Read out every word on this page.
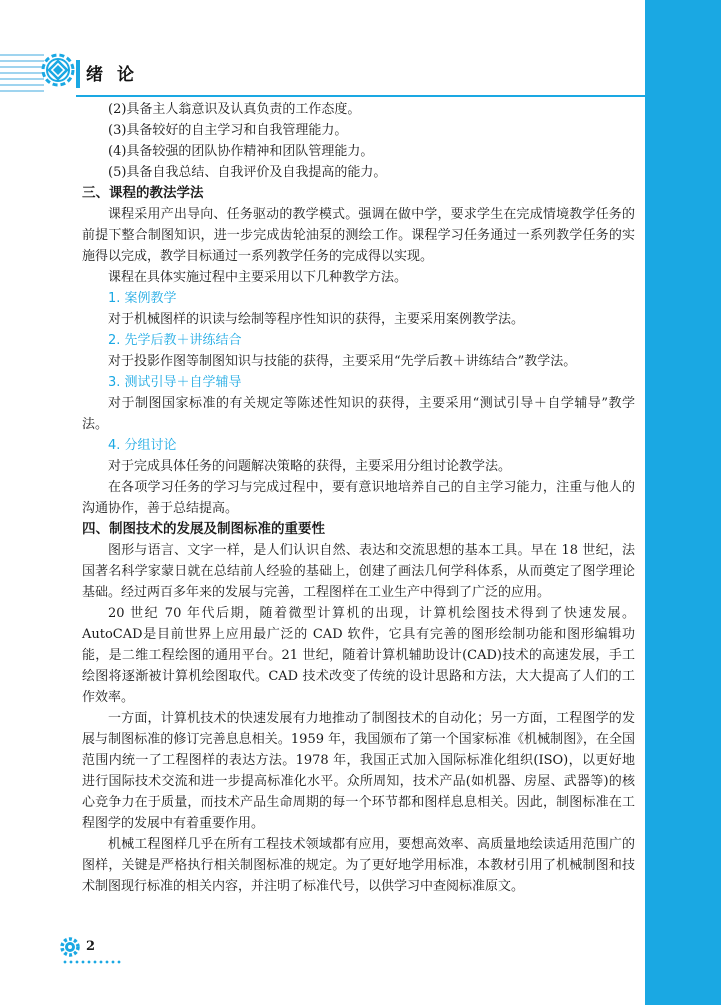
绪论

(2)具备主人翁意识及认真负责的工作态度。

(3)具备较好的自主学习和自我管理能力。

(4)具备较强的团队协作精神和团队管理能力。

(5)具备自我总结、自我评价及自我提高的能力。

三、课程的教法学法

课程采用产出导向、任务驱动的教学模式。强调在做中学，要求学生在完成情境教学任务的前提下整合制图知识，进一步完成齿轮油泵的测绘工作。课程学习任务通过一系列教学任务的实施得以完成，教学目标通过一系列教学任务的完成得以实现。

课程在具体实施过程中主要采用以下几种教学方法。

1. 案例教学

对于机械图样的识读与绘制等程序性知识的获得，主要采用案例教学法。

2. 先学后教＋讲练结合

对于投影作图等制图知识与技能的获得，主要采用“先学后教＋讲练结合”教学法。

3. 测试引导＋自学辅导

对于制图国家标准的有关规定等陈述性知识的获得，主要采用“测试引导＋自学辅导”教学法。

4. 分组讨论

对于完成具体任务的问题解决策略的获得，主要采用分组讨论教学法。

在各项学习任务的学习与完成过程中，要有意识地培养自己的自主学习能力，注重与他人的沟通协作，善于总结提高。

四、制图技术的发展及制图标准的重要性

图形与语言、文字一样，是人们认识自然、表达和交流思想的基本工具。早在 18 世纪，法国著名科学家蒙日就在总结前人经验的基础上，创建了画法几何学科体系，从而奠定了图学理论基础。经过两百多年来的发展与完善，工程图样在工业生产中得到了广泛的应用。

20 世纪 70 年代后期，随着微型计算机的出现，计算机绘图技术得到了快速发展。AutoCAD是目前世界上应用最广泛的 CAD 软件，它具有完善的图形绘制功能和图形编辑功能，是二维工程绘图的通用平台。21 世纪，随着计算机辅助设计(CAD)技术的高速发展，手工绘图将逐渐被计算机绘图取代。CAD 技术改变了传统的设计思路和方法，大大提高了人们的工作效率。

一方面，计算机技术的快速发展有力地推动了制图技术的自动化；另一方面，工程图学的发展与制图标准的修订完善息息相关。1959 年，我国颁布了第一个国家标准《机械制图》，在全国范围内统一了工程图样的表达方法。1978 年，我国正式加入国际标准化组织(ISO)，以更好地进行国际技术交流和进一步提高标准化水平。众所周知，技术产品(如机器、房屋、武器等)的核心竞争力在于质量，而技术产品生命周期的每一个环节都和图样息息相关。因此，制图标准在工程图学的发展中有着重要作用。

机械工程图样几乎在所有工程技术领域都有应用，要想高效率、高质量地绘读适用范围广的图样，关键是严格执行相关制图标准的规定。为了更好地学用标准，本教材引用了机械制图和技术制图现行标准的相关内容，并注明了标准代号，以供学习中查阅标准原文。

2
